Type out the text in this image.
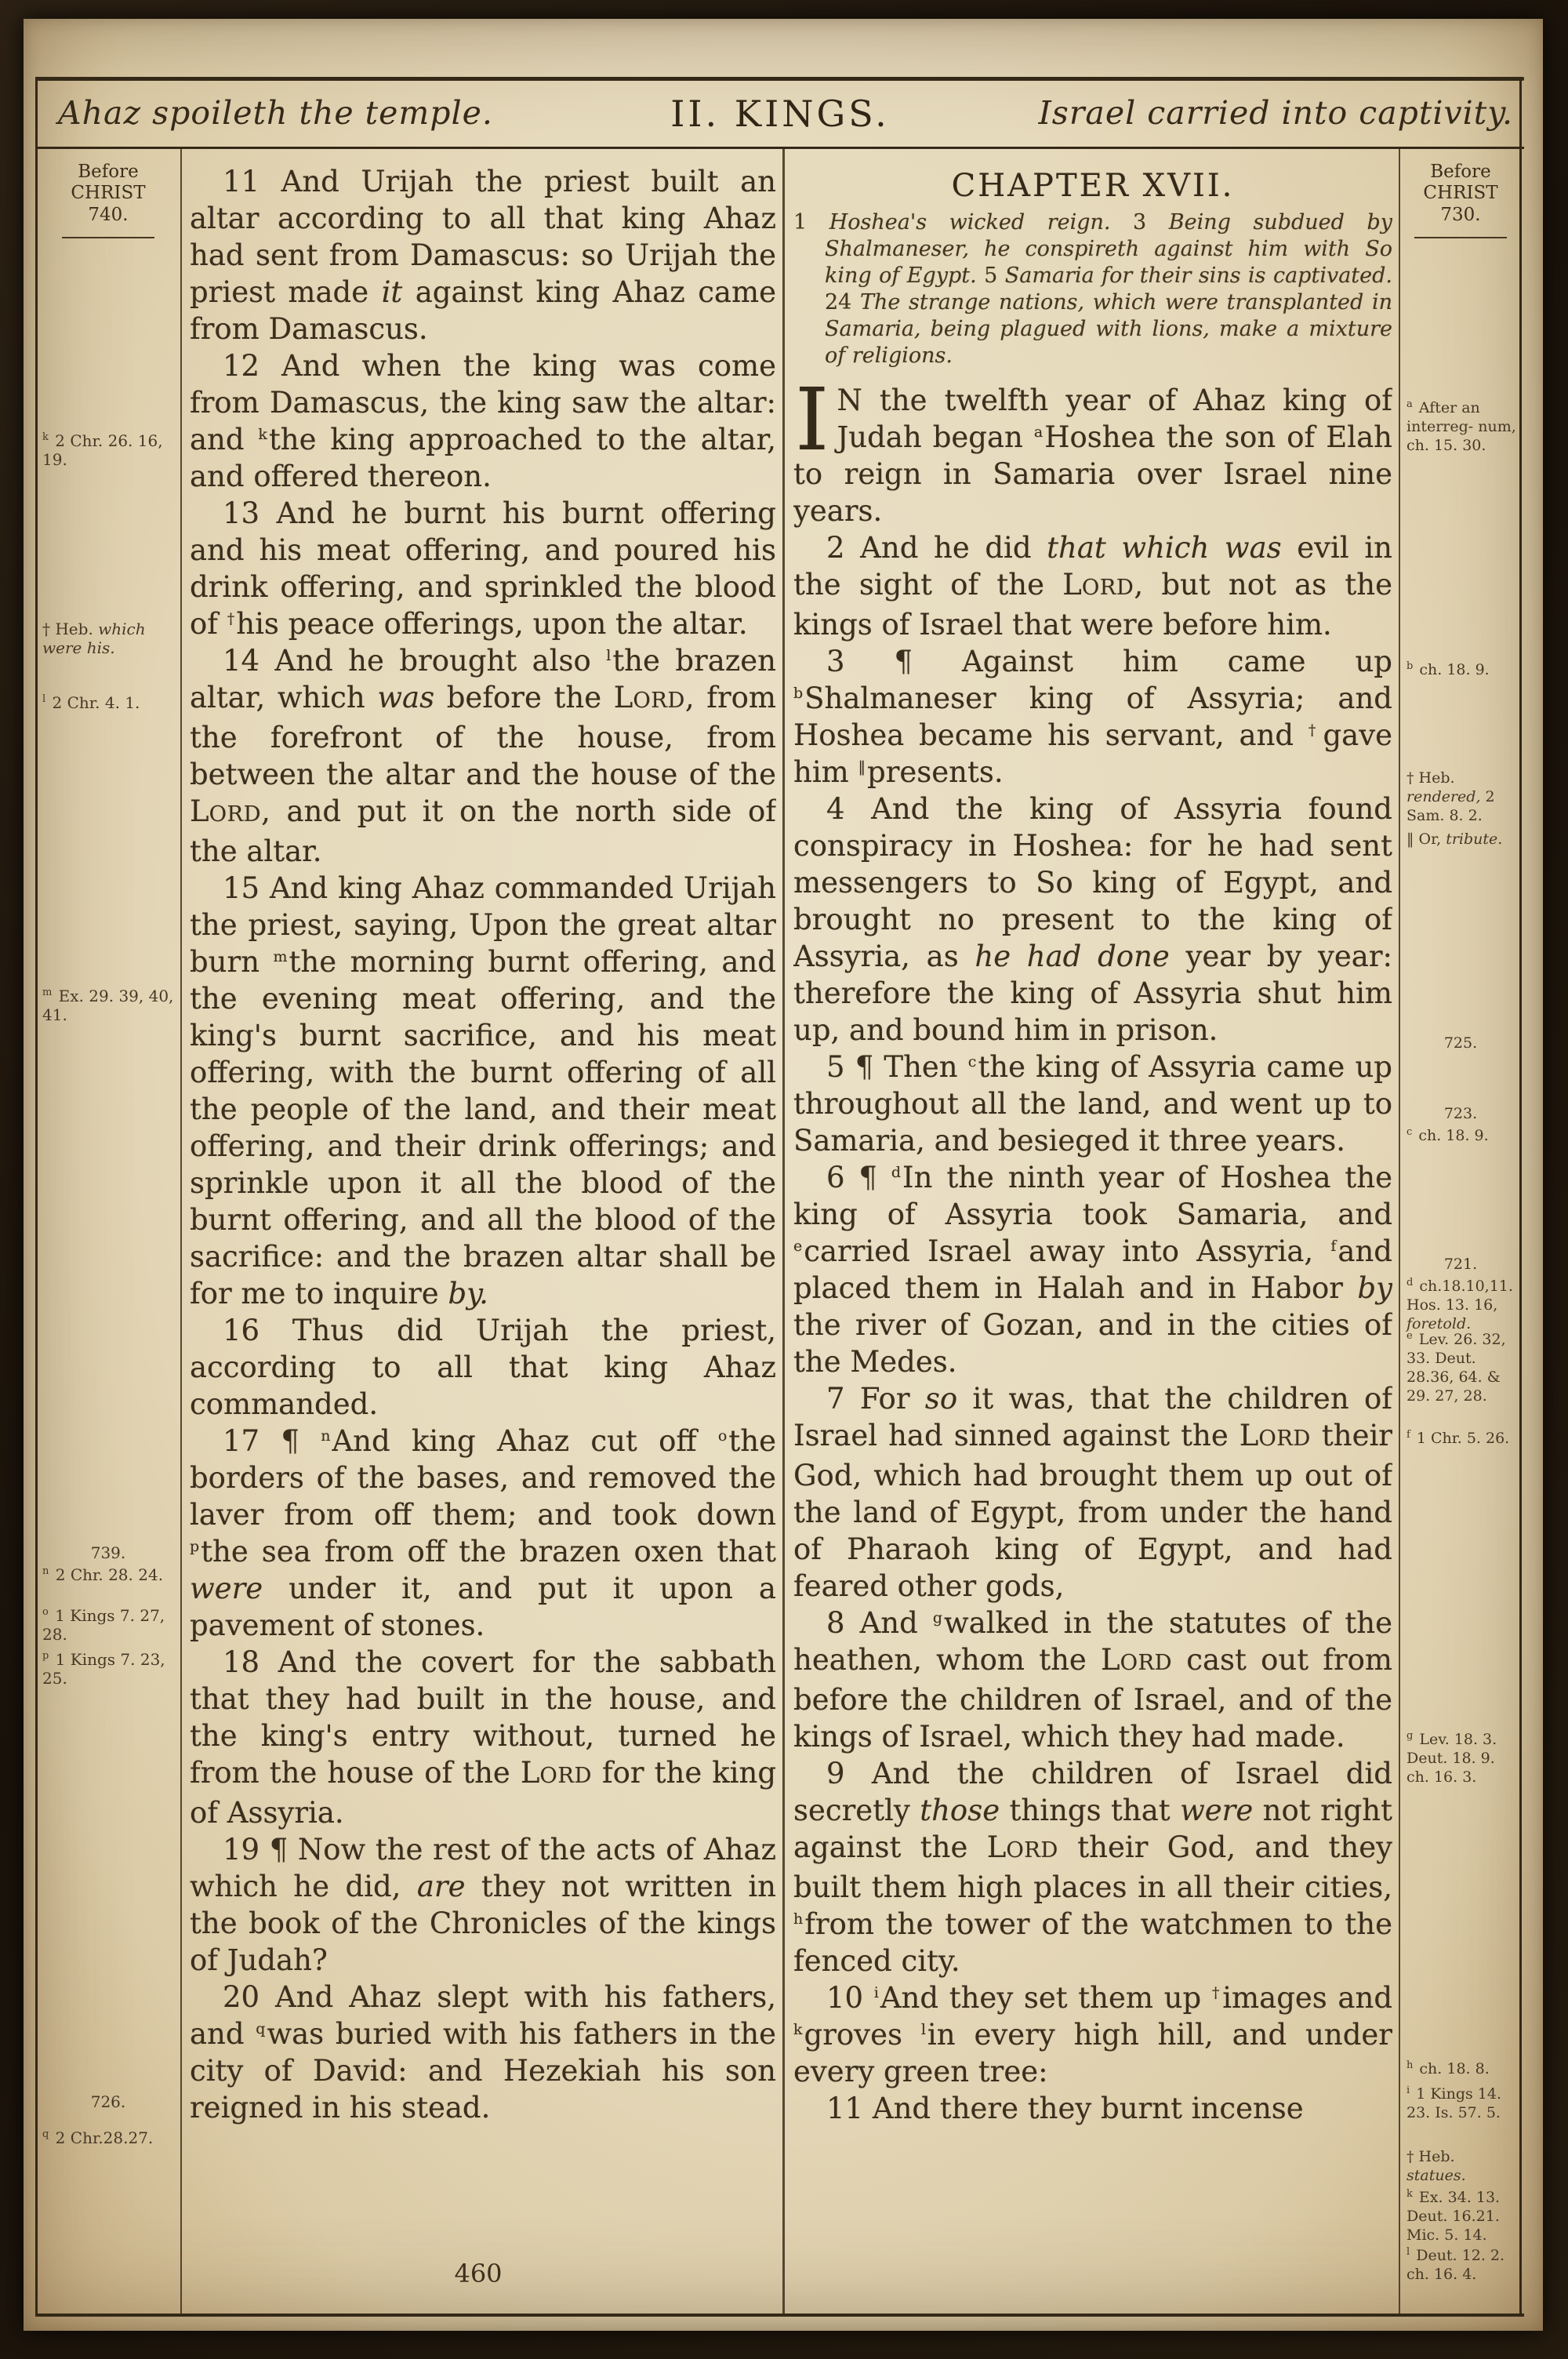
Ahaz spoileth the temple.	II. KINGS.	Israel carried into captivity.
Before
CHRIST
740.
$^k$ 2 Chr. 26. 16, 19.
† Heb. which were his.
$^l$ 2 Chr. 4. 1.
$^m$ Ex. 29. 39, 40, 41.
739.
$^n$ 2 Chr. 28. 24.
$^o$ 1 Kings 7. 27, 28.
$^p$ 1 Kings 7. 23, 25.
726.
$^q$ 2 Chr.28.27.

11 And Urijah the priest built an altar according to all that king Ahaz had sent from Damascus: so Urijah the priest made it against king Ahaz came from Damascus.

12 And when the king was come from Damascus, the king saw the altar: and $^k$the king approached to the altar, and offered thereon.

13 And he burnt his burnt offering and his meat offering, and poured his drink offering, and sprinkled the blood of †his peace offerings, upon the altar.

14 And he brought also $^l$the brazen altar, which was before the LORD, from the forefront of the house, from between the altar and the house of the LORD, and put it on the north side of the altar.

15 And king Ahaz commanded Urijah the priest, saying, Upon the great altar burn $^m$the morning burnt offering, and the evening meat offering, and the king's burnt sacrifice, and his meat offering, with the burnt offering of all the people of the land, and their meat offering, and their drink offerings; and sprinkle upon it all the blood of the burnt offering, and all the blood of the sacrifice: and the brazen altar shall be for me to inquire by.

16 Thus did Urijah the priest, according to all that king Ahaz commanded.

17 ¶ $^n$And king Ahaz cut off $^o$the borders of the bases, and removed the laver from off them; and took down $^p$the sea from off the brazen oxen that were under it, and put it upon a pavement of stones.

18 And the covert for the sabbath that they had built in the house, and the king's entry without, turned he from the house of the LORD for the king of Assyria.

19 ¶ Now the rest of the acts of Ahaz which he did, are they not written in the book of the Chronicles of the kings of Judah?

20 And Ahaz slept with his fathers, and $^q$was buried with his fathers in the city of David: and Hezekiah his son reigned in his stead.

CHAPTER XVII.

1 Hoshea's wicked reign. 3 Being subdued by Shalmaneser, he conspireth against him with So king of Egypt. 5 Samaria for their sins is captivated. 24 The strange nations, which were transplanted in Samaria, being plagued with lions, make a mixture of religions.

I N the twelfth year of Ahaz king of Judah began $^a$Hoshea the son of Elah to reign in Samaria over Israel nine years.

2 And he did that which was evil in the sight of the LORD, but not as the kings of Israel that were before him.

3 ¶ Against him came up $^b$Shalmaneser king of Assyria; and Hoshea became his servant, and †gave him ‖presents.

4 And the king of Assyria found conspiracy in Hoshea: for he had sent messengers to So king of Egypt, and brought no present to the king of Assyria, as he had done year by year: therefore the king of Assyria shut him up, and bound him in prison.

5 ¶ Then $^c$the king of Assyria came up throughout all the land, and went up to Samaria, and besieged it three years.

6 ¶ $^d$In the ninth year of Hoshea the king of Assyria took Samaria, and $^e$carried Israel away into Assyria, $^f$and placed them in Halah and in Habor by the river of Gozan, and in the cities of the Medes.

7 For so it was, that the children of Israel had sinned against the LORD their God, which had brought them up out of the land of Egypt, from under the hand of Pharaoh king of Egypt, and had feared other gods,

8 And $^g$walked in the statutes of the heathen, whom the LORD cast out from before the children of Israel, and of the kings of Israel, which they had made.

9 And the children of Israel did secretly those things that were not right against the LORD their God, and they built them high places in all their cities, $^h$from the tower of the watchmen to the fenced city.

10 $^i$And they set them up †images and $^k$groves $^l$in every high hill, and under every green tree:

11 And there they burnt incense

Before
CHRIST
730.
$^a$ After an interreg- num, ch. 15. 30.
$^b$ ch. 18. 9.
† Heb. rendered, 2 Sam. 8. 2.
‖ Or, tribute.
725.
723.
$^c$ ch. 18. 9.
721.
$^d$ ch.18.10,11. Hos. 13. 16, foretold.
$^e$ Lev. 26. 32, 33. Deut. 28.36, 64. & 29. 27, 28.
$^f$ 1 Chr. 5. 26.
$^g$ Lev. 18. 3. Deut. 18. 9. ch. 16. 3.
$^h$ ch. 18. 8.
$^i$ 1 Kings 14. 23. Is. 57. 5.
† Heb. statues.
$^k$ Ex. 34. 13. Deut. 16.21. Mic. 5. 14.
$^l$ Deut. 12. 2. ch. 16. 4.
460
